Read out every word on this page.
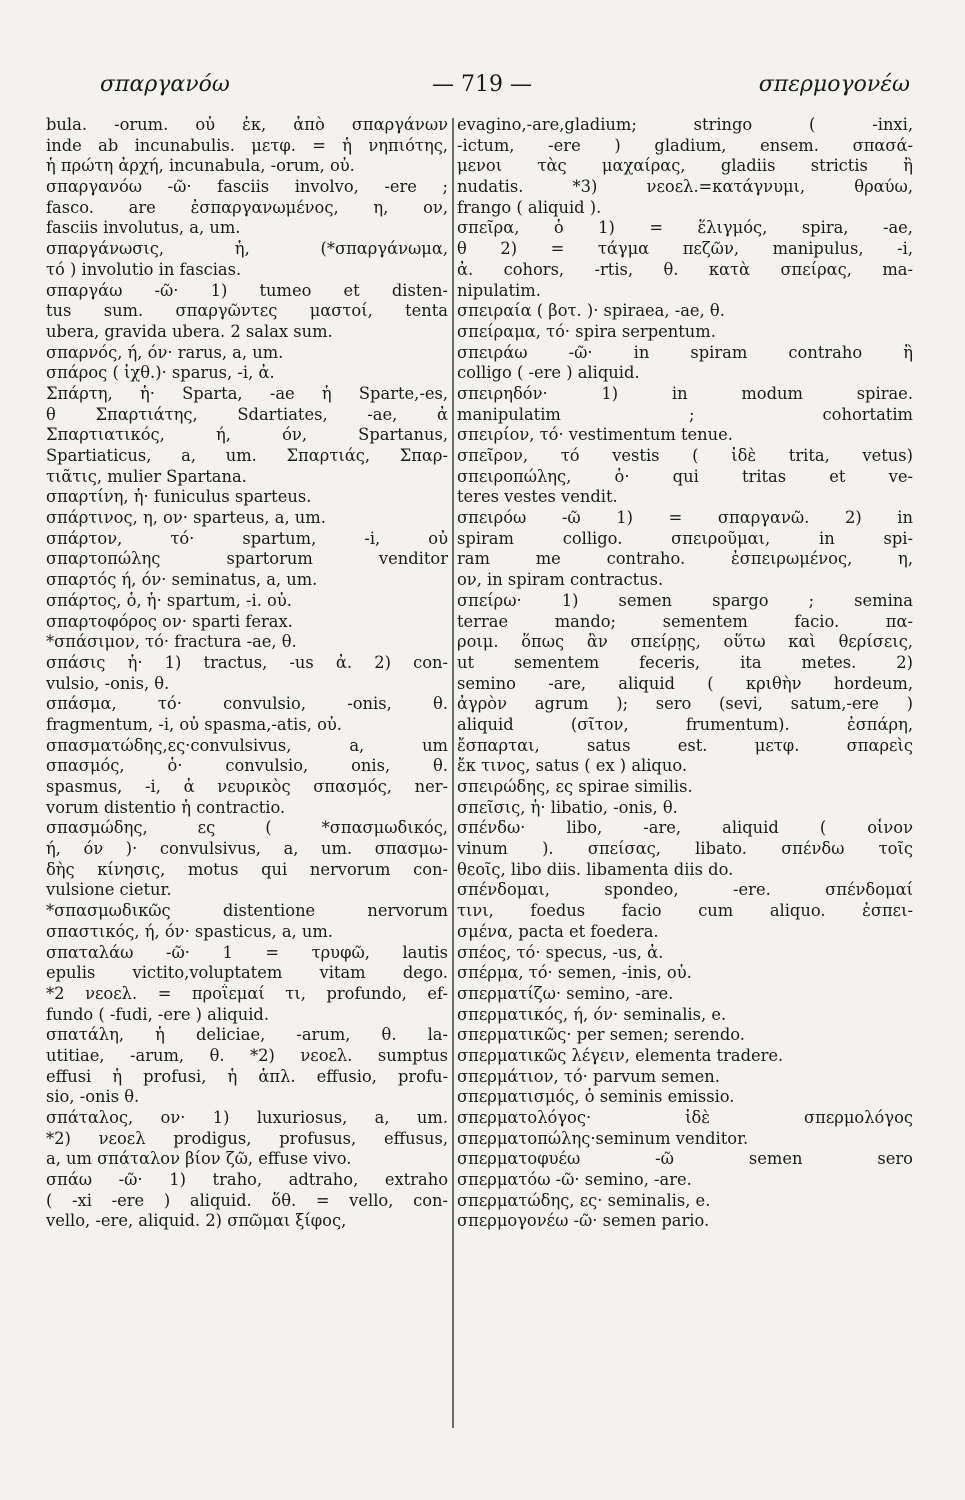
σπαργανόω	— 719 —	σπερμογονέω
bula. -orum. οὐ ἐκ, ἀπὸ σπαργάνων
inde ab incunabulis. μετφ. = ἡ νηπιότης,
ἡ πρώτη ἀρχή, incunabula, -orum, οὐ.
σπαργανόω -ῶ· fasciis involvo, -ere ;
fasco. are ἐσπαργανωμένος, η, ον,
fasciis involutus, a, um.
σπαργάνωσις, ἡ, (*σπαργάνωμα,
τό ) involutio in fascias.
σπαργάω -ῶ· 1) tumeo et disten-
tus sum. σπαργῶντες μαστοί, tenta
ubera, gravida ubera. 2 salax sum.
σπαρνός, ή, όν· rarus, a, um.
σπάρος ( ἰχθ.)· sparus, -i, ἀ.
Σπάρτη, ἡ· Sparta, -ae ἡ Sparte,-es,
θ Σπαρτιάτης, Sdartiates, -ae, ἀ
Σπαρτιατικός, ή, όν, Spartanus,
Spartiaticus, a, um. Σπαρτιάς, Σπαρ-
τιᾶτις, mulier Spartana.
σπαρτίνη, ἡ· funiculus sparteus.
σπάρτινος, η, ον· sparteus, a, um.
σπάρτον, τό· spartum, -i, οὐ
σπαρτοπώλης spartorum venditor
σπαρτός ή, όν· seminatus, a, um.
σπάρτος, ὁ, ἡ· spartum, -i. οὐ.
σπαρτοφόρος ον· sparti ferax.
*σπάσιμον, τό· fractura -ae, θ.
σπάσις ἡ· 1) tractus, -us ἀ. 2) con-
vulsio, -onis, θ.
σπάσμα, τό· convulsio, -onis, θ.
fragmentum, -i, οὐ spasma,-atis, οὐ.
σπασματώδης,ες·convulsivus, a, um
σπασμός, ὁ· convulsio, onis, θ.
spasmus, -i, ἀ νευρικὸς σπασμός, ner-
vorum distentio ἡ contractio.
σπασμώδης, ες ( *σπασμωδικός,
ή, όν )· convulsivus, a, um. σπασμω-
δὴς κίνησις, motus qui nervorum con-
vulsione cietur.
*σπασμωδικῶς distentione nervorum
σπαστικός, ή, όν· spasticus, a, um.
σπαταλάω -ῶ· 1 = τρυφῶ, lautis
epulis victito,voluptatem vitam dego.
*2 νεοελ. = προΐεμαί τι, profundo, ef-
fundo ( -fudi, -ere ) aliquid.
σπατάλη, ἡ deliciae, -arum, θ. la-
utitiae, -arum, θ. *2) νεοελ. sumptus
effusi ἡ profusi, ἡ ἁπλ. effusio, profu-
sio, -onis θ.
σπάταλος, ον· 1) luxuriosus, a, um.
*2) νεοελ prodigus, profusus, effusus,
a, um σπάταλον βίον ζῶ, effuse vivo.
σπάω -ῶ· 1) traho, adtraho, extraho
( -xi -ere ) aliquid. ὅθ. = vello, con-
vello, -ere, aliquid. 2) σπῶμαι ξίφος,
evagino,-are,gladium; stringo ( -inxi,
-ictum, -ere ) gladium, ensem. σπασά-
μενοι τὰς μαχαίρας, gladiis strictis ἢ
nudatis. *3) νεοελ.=κατάγνυμι, θραύω,
frango ( aliquid ).
σπεῖρα, ὁ 1) = ἕλιγμός, spira, -ae,
θ 2) = τάγμα πεζῶν, manipulus, -i,
ἀ. cohors, -rtis, θ. κατὰ σπείρας, ma-
nipulatim.
σπειραία ( βοτ. )· spiraea, -ae, θ.
σπείραμα, τό· spira serpentum.
σπειράω -ῶ· in spiram contraho ἢ
colligo ( -ere ) aliquid.
σπειρηδόν· 1) in modum spirae.
manipulatim ; cohortatim
σπειρίον, τό· vestimentum tenue.
σπεῖρον, τό vestis ( ἰδὲ trita, vetus)
σπειροπώλης, ὁ· qui tritas et ve-
teres vestes vendit.
σπειρόω -ῶ 1) = σπαργανῶ. 2) in
spiram colligo. σπειροῦμαι, in spi-
ram me contraho. ἐσπειρωμένος, η,
ον, in spiram contractus.
σπείρω· 1) semen spargo ; semina
terrae mando; sementem facio. πα-
ροιμ. ὅπως ἂν σπείρῃς, οὕτω καὶ θερίσεις,
ut sementem feceris, ita metes. 2)
semino -are, aliquid ( κριθὴν hordeum,
ἀγρὸν agrum ); sero (sevi, satum,-ere )
aliquid (σῖτον, frumentum). ἐσπάρη,
ἔσπαρται, satus est. μετφ. σπαρεὶς
ἔκ τινος, satus ( ex ) aliquo.
σπειρώδης, ες spirae similis.
σπεῖσις, ἡ· libatio, -onis, θ.
σπένδω· libo, -are, aliquid ( οἶνον
vinum ). σπείσας, libato. σπένδω τοῖς
θεοῖς, libo diis. libamenta diis do.
σπένδομαι, spondeo, -ere. σπένδομαί
τινι, foedus facio cum aliquo. ἐσπει-
σμένα, pacta et foedera.
σπέος, τό· specus, -us, ἀ.
σπέρμα, τό· semen, -inis, οὐ.
σπερματίζω· semino, -are.
σπερματικός, ή, όν· seminalis, e.
σπερματικῶς· per semen; serendo.
σπερματικῶς λέγειν, elementa tradere.
σπερμάτιον, τό· parvum semen.
σπερματισμός, ὁ seminis emissio.
σπερματολόγος· ἰδὲ σπερμολόγος
σπερματοπώλης·seminum venditor.
σπερματοφυέω -ῶ semen sero
σπερματόω -ῶ· semino, -are.
σπερματώδης, ες· seminalis, e.
σπερμογονέω -ῶ· semen pario.
